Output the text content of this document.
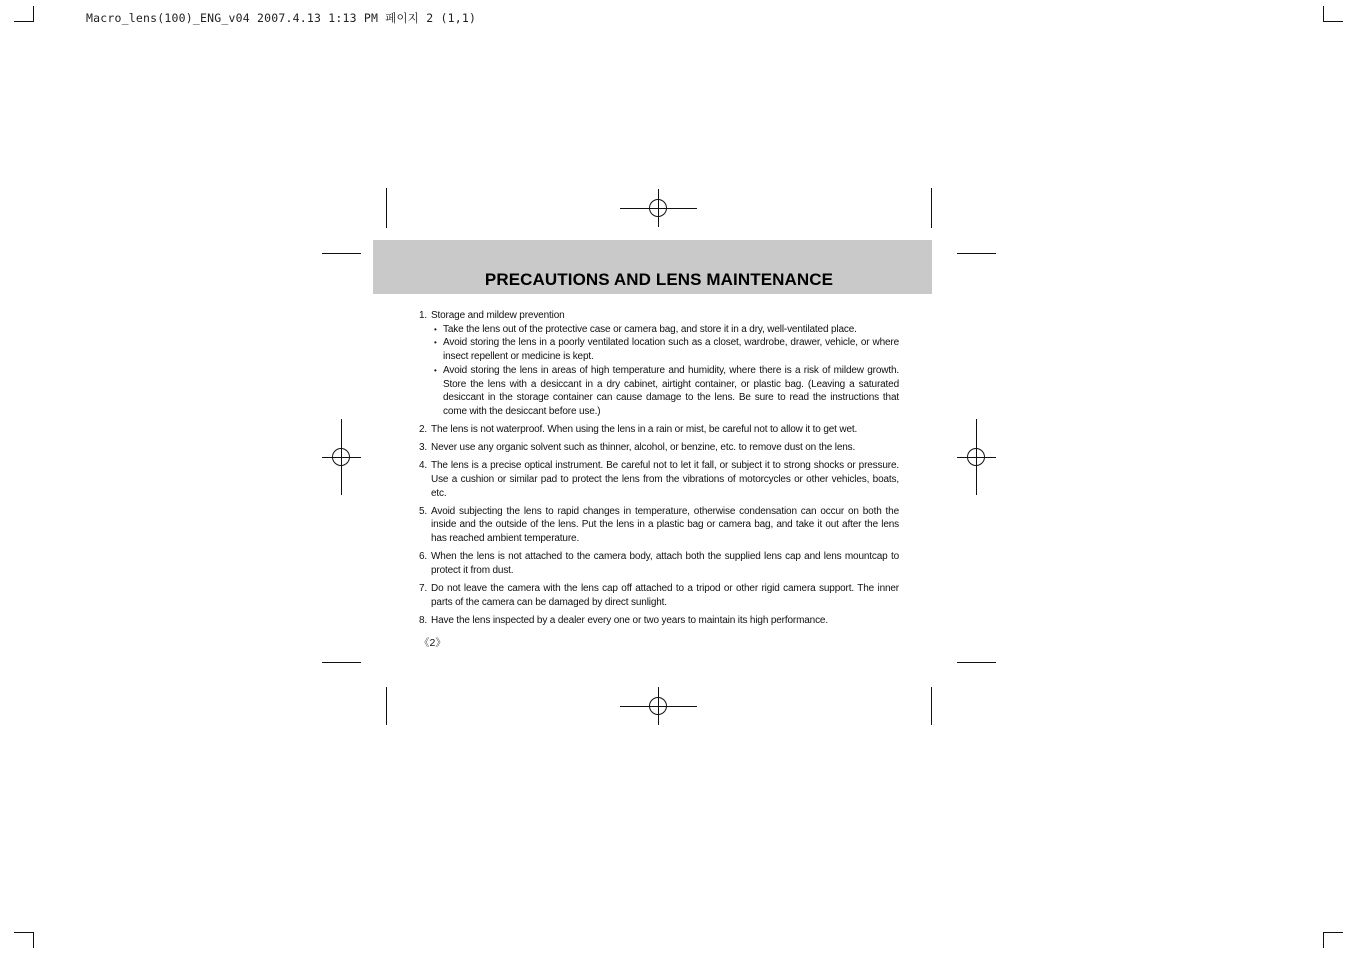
Macro_lens(100)_ENG_v04 2007.4.13 1:13 PM 페이지 2 (1,1)
PRECAUTIONS AND LENS MAINTENANCE
1. Storage and mildew prevention
• Take the lens out of the protective case or camera bag, and store it in a dry, well-ventilated place.
• Avoid storing the lens in a poorly ventilated location such as a closet, wardrobe, drawer, vehicle, or where insect repellent or medicine is kept.
• Avoid storing the lens in areas of high temperature and humidity, where there is a risk of mildew growth. Store the lens with a desiccant in a dry cabinet, airtight container, or plastic bag. (Leaving a saturated desiccant in the storage container can cause damage to the lens. Be sure to read the instructions that come with the desiccant before use.)
2. The lens is not waterproof. When using the lens in a rain or mist, be careful not to allow it to get wet.
3. Never use any organic solvent such as thinner, alcohol, or benzine, etc. to remove dust on the lens.
4. The lens is a precise optical instrument. Be careful not to let it fall, or subject it to strong shocks or pressure. Use a cushion or similar pad to protect the lens from the vibrations of motorcycles or other vehicles, boats, etc.
5. Avoid subjecting the lens to rapid changes in temperature, otherwise condensation can occur on both the inside and the outside of the lens. Put the lens in a plastic bag or camera bag, and take it out after the lens has reached ambient temperature.
6. When the lens is not attached to the camera body, attach both the supplied lens cap and lens mountcap to protect it from dust.
7. Do not leave the camera with the lens cap off attached to a tripod or other rigid camera support. The inner parts of the camera can be damaged by direct sunlight.
8. Have the lens inspected by a dealer every one or two years to maintain its high performance.
《2》
